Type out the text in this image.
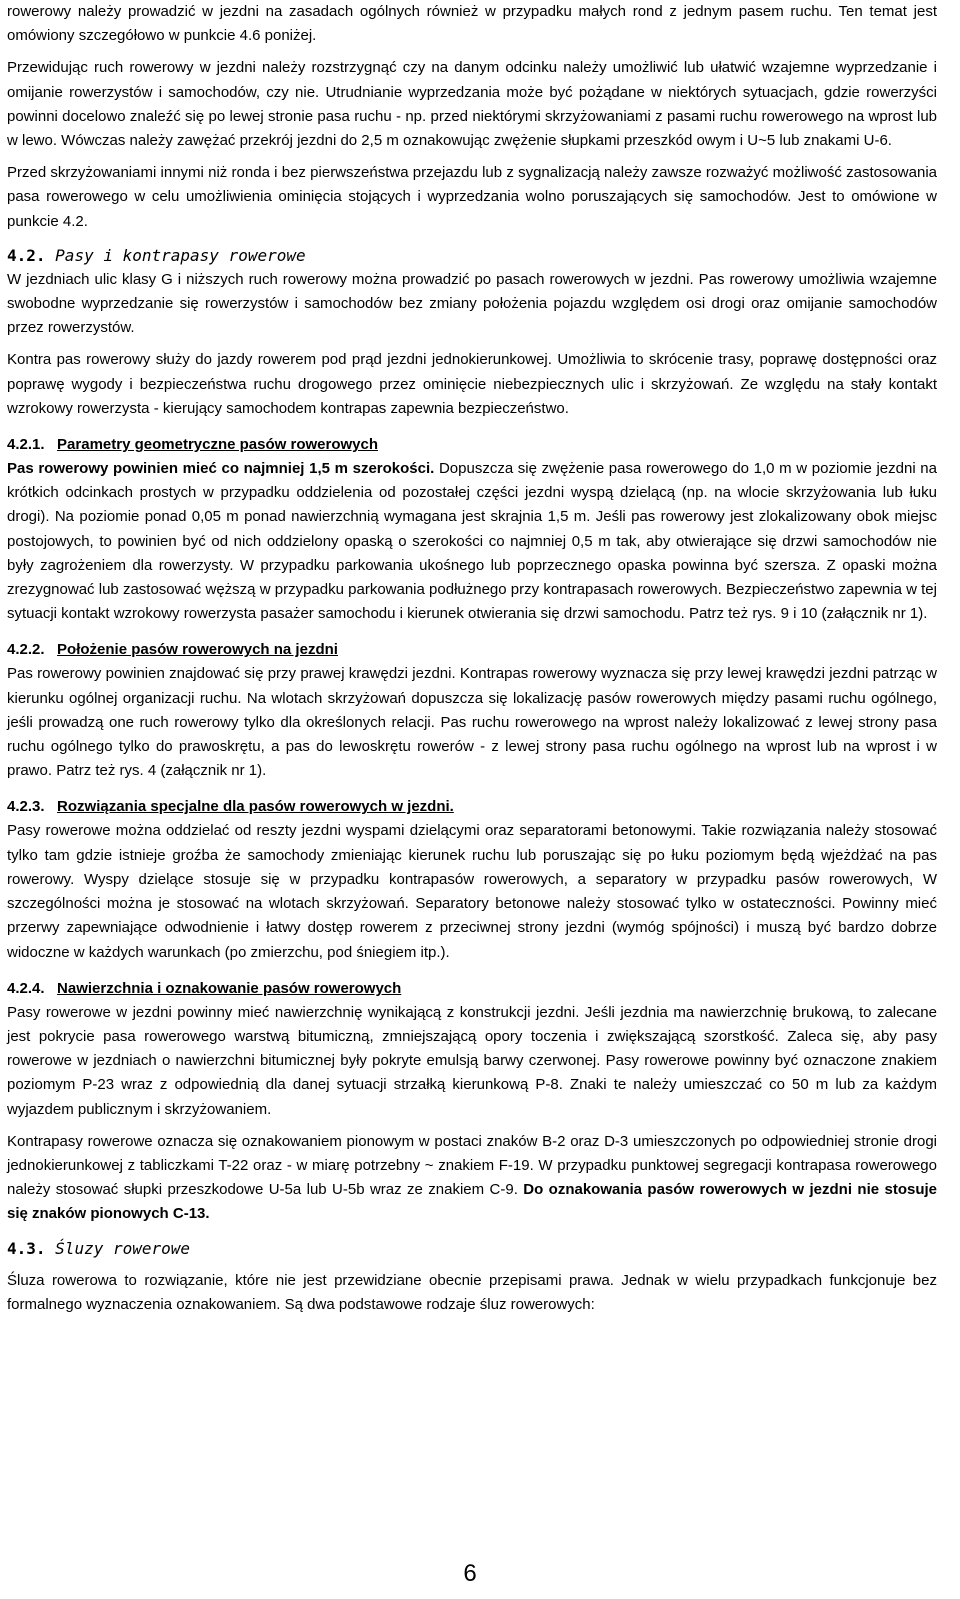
rowerowy należy prowadzić w jezdni na zasadach ogólnych również w przypadku małych rond z jednym pasem ruchu. Ten temat jest omówiony szczegółowo w punkcie 4.6 poniżej.

Przewidując ruch rowerowy w jezdni należy rozstrzygnąć czy na danym odcinku należy umożliwić lub ułatwić wzajemne wyprzedzanie i omijanie rowerzystów i samochodów, czy nie. Utrudnianie wyprzedzania może być pożądane w niektórych sytuacjach, gdzie rowerzyści powinni docelowo znaleźć się po lewej stronie pasa ruchu - np. przed niektórymi skrzyżowaniami z pasami ruchu rowerowego na wprost lub w lewo. Wówczas należy zawężać przekrój jezdni do 2,5 m oznakowując zwężenie słupkami przeszkód owym i U~5 lub znakami U-6.

Przed skrzyżowaniami innymi niż ronda i bez pierwszeństwa przejazdu lub z sygnalizacją należy zawsze rozważyć możliwość zastosowania pasa rowerowego w celu umożliwienia ominięcia stojących i wyprzedzania wolno poruszających się samochodów. Jest to omówione w punkcie 4.2.

4.2. Pasy i kontrapasy rowerowe

W jezdniach ulic klasy G i niższych ruch rowerowy można prowadzić po pasach rowerowych w jezdni. Pas rowerowy umożliwia wzajemne swobodne wyprzedzanie się rowerzystów i samochodów bez zmiany położenia pojazdu względem osi drogi oraz omijanie samochodów przez rowerzystów.

Kontra pas rowerowy służy do jazdy rowerem pod prąd jezdni jednokierunkowej. Umożliwia to skrócenie trasy, poprawę dostępności oraz poprawę wygody i bezpieczeństwa ruchu drogowego przez ominięcie niebezpiecznych ulic i skrzyżowań. Ze względu na stały kontakt wzrokowy rowerzysta - kierujący samochodem kontrapas zapewnia bezpieczeństwo.

4.2.1. Parametry geometryczne pasów rowerowych

Pas rowerowy powinien mieć co najmniej 1,5 m szerokości. Dopuszcza się zwężenie pasa rowerowego do 1,0 m w poziomie jezdni na krótkich odcinkach prostych w przypadku oddzielenia od pozostałej części jezdni wyspą dzielącą (np. na wlocie skrzyżowania lub łuku drogi). Na poziomie ponad 0,05 m ponad nawierzchnią wymagana jest skrajnia 1,5 m. Jeśli pas rowerowy jest zlokalizowany obok miejsc postojowych, to powinien być od nich oddzielony opaską o szerokości co najmniej 0,5 m tak, aby otwierające się drzwi samochodów nie były zagrożeniem dla rowerzysty. W przypadku parkowania ukośnego lub poprzecznego opaska powinna być szersza. Z opaski można zrezygnować lub zastosować węższą w przypadku parkowania podłużnego przy kontrapasach rowerowych. Bezpieczeństwo zapewnia w tej sytuacji kontakt wzrokowy rowerzysta pasażer samochodu i kierunek otwierania się drzwi samochodu. Patrz też rys. 9 i 10 (załącznik nr 1).

4.2.2. Położenie pasów rowerowych na jezdni

Pas rowerowy powinien znajdować się przy prawej krawędzi jezdni. Kontrapas rowerowy wyznacza się przy lewej krawędzi jezdni patrząc w kierunku ogólnej organizacji ruchu. Na wlotach skrzyżowań dopuszcza się lokalizację pasów rowerowych między pasami ruchu ogólnego, jeśli prowadzą one ruch rowerowy tylko dla określonych relacji. Pas ruchu rowerowego na wprost należy lokalizować z lewej strony pasa ruchu ogólnego tylko do prawoskrętu, a pas do lewoskrętu rowerów - z lewej strony pasa ruchu ogólnego na wprost lub na wprost i w prawo. Patrz też rys. 4 (załącznik nr 1).

4.2.3. Rozwiązania specjalne dla pasów rowerowych w jezdni.

Pasy rowerowe można oddzielać od reszty jezdni wyspami dzielącymi oraz separatorami betonowymi. Takie rozwiązania należy stosować tylko tam gdzie istnieje groźba że samochody zmieniając kierunek ruchu lub poruszając się po łuku poziomym będą wjeżdżać na pas rowerowy. Wyspy dzielące stosuje się w przypadku kontrapasów rowerowych, a separatory w przypadku pasów rowerowych, W szczególności można je stosować na wlotach skrzyżowań. Separatory betonowe należy stosować tylko w ostateczności. Powinny mieć przerwy zapewniające odwodnienie i łatwy dostęp rowerem z przeciwnej strony jezdni (wymóg spójności) i muszą być bardzo dobrze widoczne w każdych warunkach (po zmierzchu, pod śniegiem itp.).

4.2.4. Nawierzchnia i oznakowanie pasów rowerowych

Pasy rowerowe w jezdni powinny mieć nawierzchnię wynikającą z konstrukcji jezdni. Jeśli jezdnia ma nawierzchnię brukową, to zalecane jest pokrycie pasa rowerowego warstwą bitumiczną, zmniejszającą opory toczenia i zwiększającą szorstkość. Zaleca się, aby pasy rowerowe w jezdniach o nawierzchni bitumicznej były pokryte emulsją barwy czerwonej. Pasy rowerowe powinny być oznaczone znakiem poziomym P-23 wraz z odpowiednią dla danej sytuacji strzałką kierunkową P-8. Znaki te należy umieszczać co 50 m lub za każdym wyjazdem publicznym i skrzyżowaniem.

Kontrapasy rowerowe oznacza się oznakowaniem pionowym w postaci znaków B-2 oraz D-3 umieszczonych po odpowiedniej stronie drogi jednokierunkowej z tabliczkami T-22 oraz - w miarę potrzebny ~ znakiem F-19. W przypadku punktowej segregacji kontrapasa rowerowego należy stosować słupki przeszkodowe U-5a lub U-5b wraz ze znakiem C-9. Do oznakowania pasów rowerowych w jezdni nie stosuje się znaków pionowych C-13.

4.3. Śluzy rowerowe

Śluza rowerowa to rozwiązanie, które nie jest przewidziane obecnie przepisami prawa. Jednak w wielu przypadkach funkcjonuje bez formalnego wyznaczenia oznakowaniem. Są dwa podstawowe rodzaje śluz rowerowych:

6
